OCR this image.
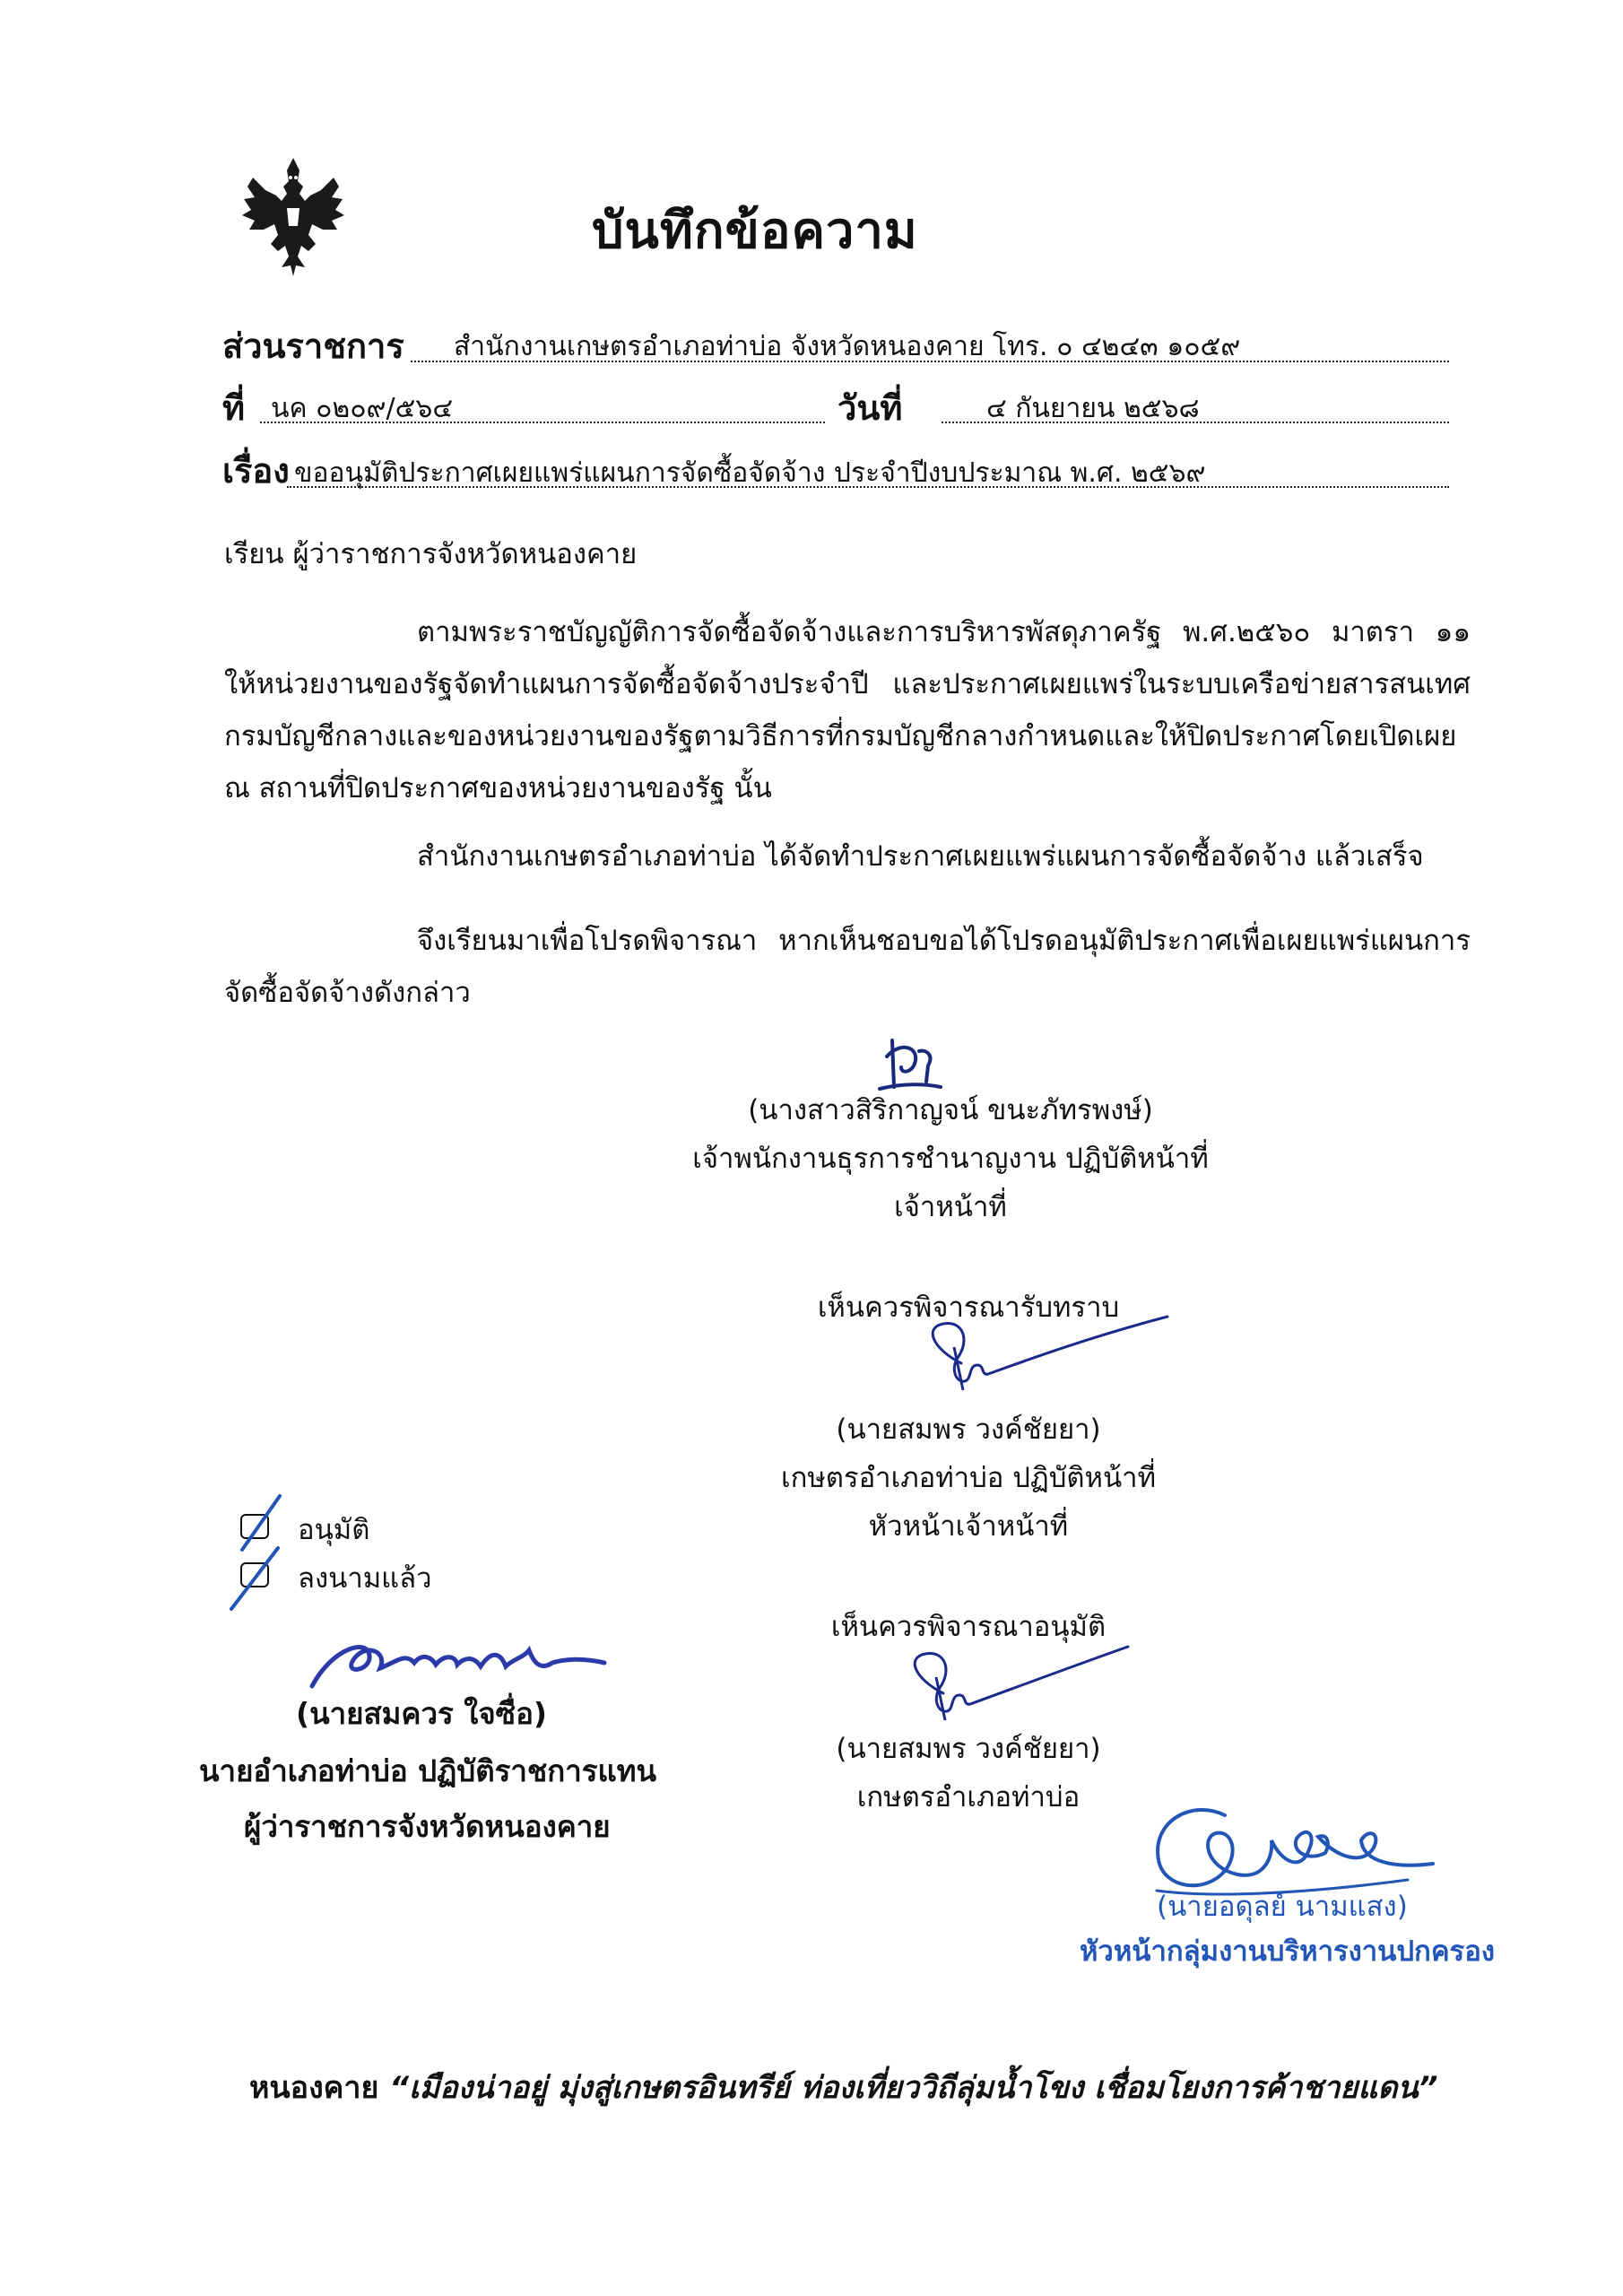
บันทึกข้อความ
ส่วนราชการ สำนักงานเกษตรอำเภอท่าบ่อ จังหวัดหนองคาย โทร. ๐ ๔๒๔๓ ๑๐๕๙
ที่ นค ๐๒๐๙/๕๖๔	วันที่	๔ กันยายน ๒๕๖๘
เรื่อง ขออนุมัติประกาศเผยแพร่แผนการจัดซื้อจัดจ้าง ประจำปีงบประมาณ พ.ศ. ๒๕๖๙
เรียน ผู้ว่าราชการจังหวัดหนองคาย
ตามพระราชบัญญัติการจัดซื้อจัดจ้างและการบริหารพัสดุภาครัฐ พ.ศ.๒๕๖๐ มาตรา ๑๑ ให้หน่วยงานของรัฐจัดทำแผนการจัดซื้อจัดจ้างประจำปี และประกาศเผยแพร่ในระบบเครือข่ายสารสนเทศกรมบัญชีกลางและของหน่วยงานของรัฐตามวิธีการที่กรมบัญชีกลางกำหนดและให้ปิดประกาศโดยเปิดเผย ณ สถานที่ปิดประกาศของหน่วยงานของรัฐ นั้น
สำนักงานเกษตรอำเภอท่าบ่อ ได้จัดทำประกาศเผยแพร่แผนการจัดซื้อจัดจ้าง แล้วเสร็จ
จึงเรียนมาเพื่อโปรดพิจารณา หากเห็นชอบขอได้โปรดอนุมัติประกาศเพื่อเผยแพร่แผนการจัดซื้อจัดจ้างดังกล่าว
(นางสาวสิริกาญจน์ ขนะภัทรพงษ์)
เจ้าพนักงานธุรการชำนาญงาน ปฏิบัติหน้าที่
เจ้าหน้าที่
เห็นควรพิจารณารับทราบ
(นายสมพร วงค์ชัยยา)
เกษตรอำเภอท่าบ่อ ปฏิบัติหน้าที่
หัวหน้าเจ้าหน้าที่
เห็นควรพิจารณาอนุมัติ
(นายสมพร วงค์ชัยยา)
เกษตรอำเภอท่าบ่อ
อนุมัติ
ลงนามแล้ว
(นายสมควร ใจซื่อ)
นายอำเภอท่าบ่อ ปฏิบัติราชการแทน
ผู้ว่าราชการจังหวัดหนองคาย
(นายอดุลย์ นามแสง)
หัวหน้ากลุ่มงานบริหารงานปกครอง
หนองคาย “เมืองน่าอยู่ มุ่งสู่เกษตรอินทรีย์ ท่องเที่ยววิถีลุ่มน้ำโขง เชื่อมโยงการค้าชายแดน”
